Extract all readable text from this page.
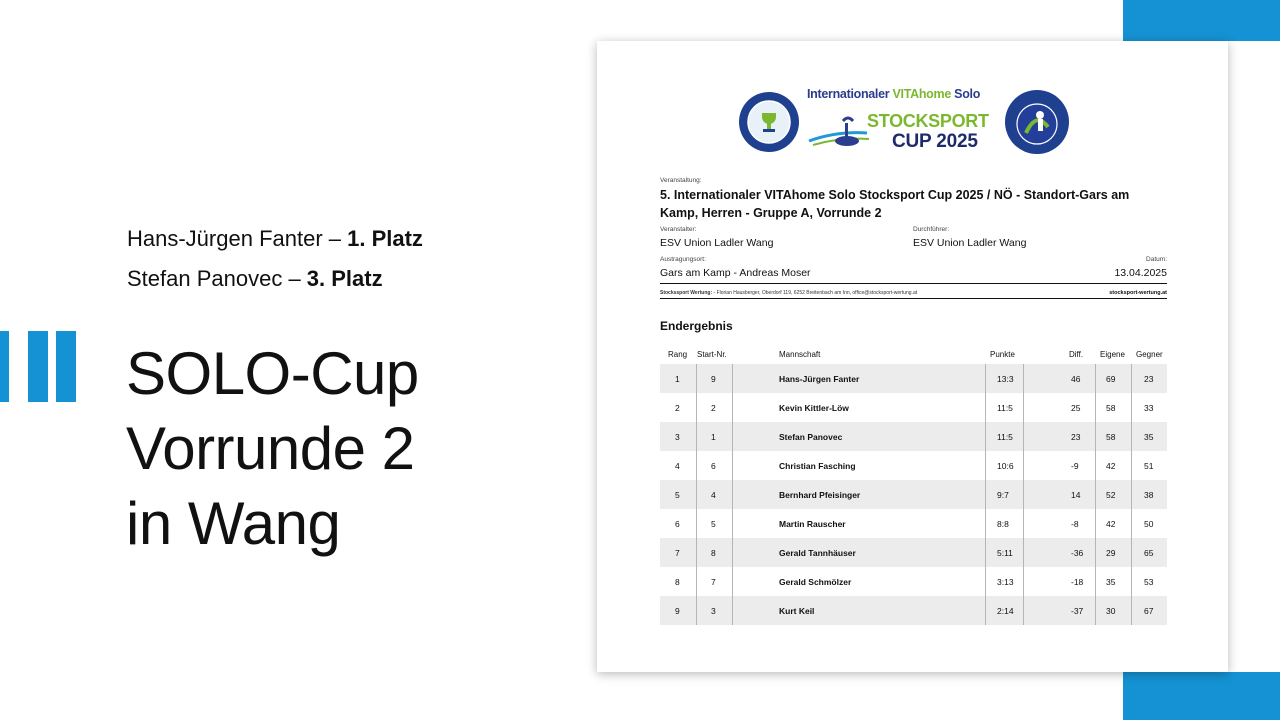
Hans-Jürgen Fanter – 1. Platz
Stefan Panovec – 3. Platz
SOLO-Cup
Vorrunde 2
in Wang
Internationaler VITAhome Solo
STOCKSPORT
CUP 2025
Veranstaltung:
5. Internationaler VITAhome Solo Stocksport Cup 2025 / NÖ - Standort-Gars am Kamp, Herren - Gruppe A, Vorrunde 2
Veranstalter:
ESV Union Ladler Wang
Durchführer:
ESV Union Ladler Wang
Austragungsort:
Gars am Kamp - Andreas Moser
Datum:
13.04.2025
Stockssport Wertung: - Florian Hausberger, Oberdorf 119, 6252 Breitenbach am Inn, office@stocksport-wertung.at	stocksport-wertung.at
Endergebnis
Rang Start-Nr.	Mannschaft	Punkte	Diff. Eigene Gegner
1	9	Hans-Jürgen Fanter	13:3	46	69	23
2	2	Kevin Kittler-Löw	11:5	25	58	33
3	1	Stefan Panovec	11:5	23	58	35
4	6	Christian Fasching	10:6	-9	42	51
5	4	Bernhard Pfeisinger	9:7	14	52	38
6	5	Martin Rauscher	8:8	-8	42	50
7	8	Gerald Tannhäuser	5:11	-36	29	65
8	7	Gerald Schmölzer	3:13	-18	35	53
9	3	Kurt Keil	2:14	-37	30	67
